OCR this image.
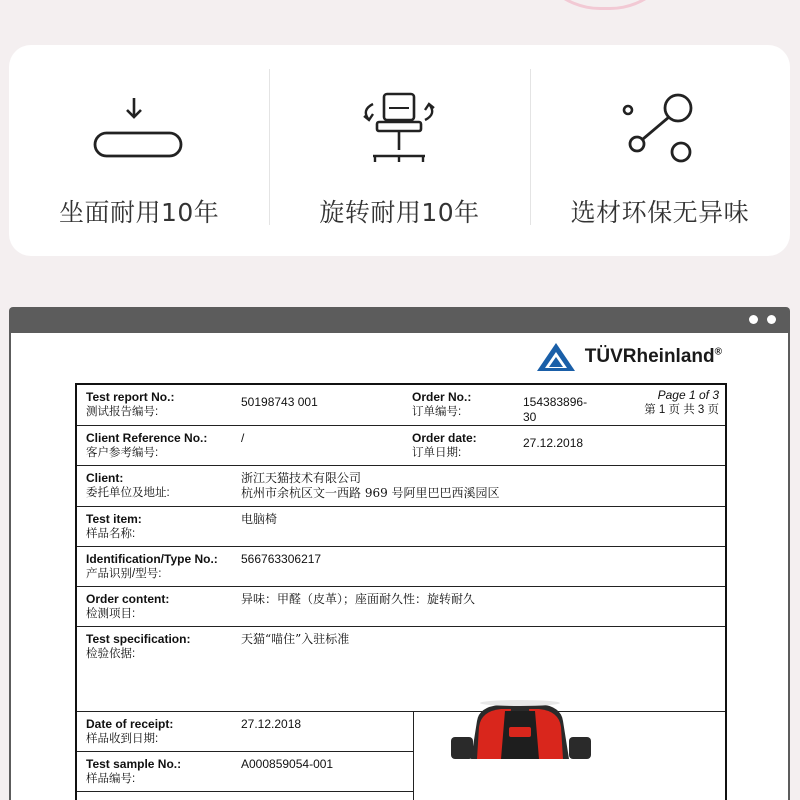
坐面耐用10年	旋转耐用10年	选材环保无异味
TÜVRheinland®
Test report No.:
测试报告编号:
50198743 001	Order No.:
订单编号:
154383896-
30
Page 1 of 3
第 1 页 共 3 页
Client Reference No.:
客户参考编号:
/	Order date:
订单日期:
27.12.2018
Client:
委托单位及地址:
浙江天猫技术有限公司
杭州市余杭区文一西路 969 号阿里巴巴西溪园区
Test item:
样品名称:
电脑椅
Identification/Type No.:
产品识别/型号:
566763306217
Order content:
检测项目:
异味：甲醛（皮革）；座面耐久性：旋转耐久
Test specification:
检验依据:
天猫“喵住”入驻标准
Date of receipt:
样品收到日期:
27.12.2018
Test sample No.:
样品编号:
A000859054-001
